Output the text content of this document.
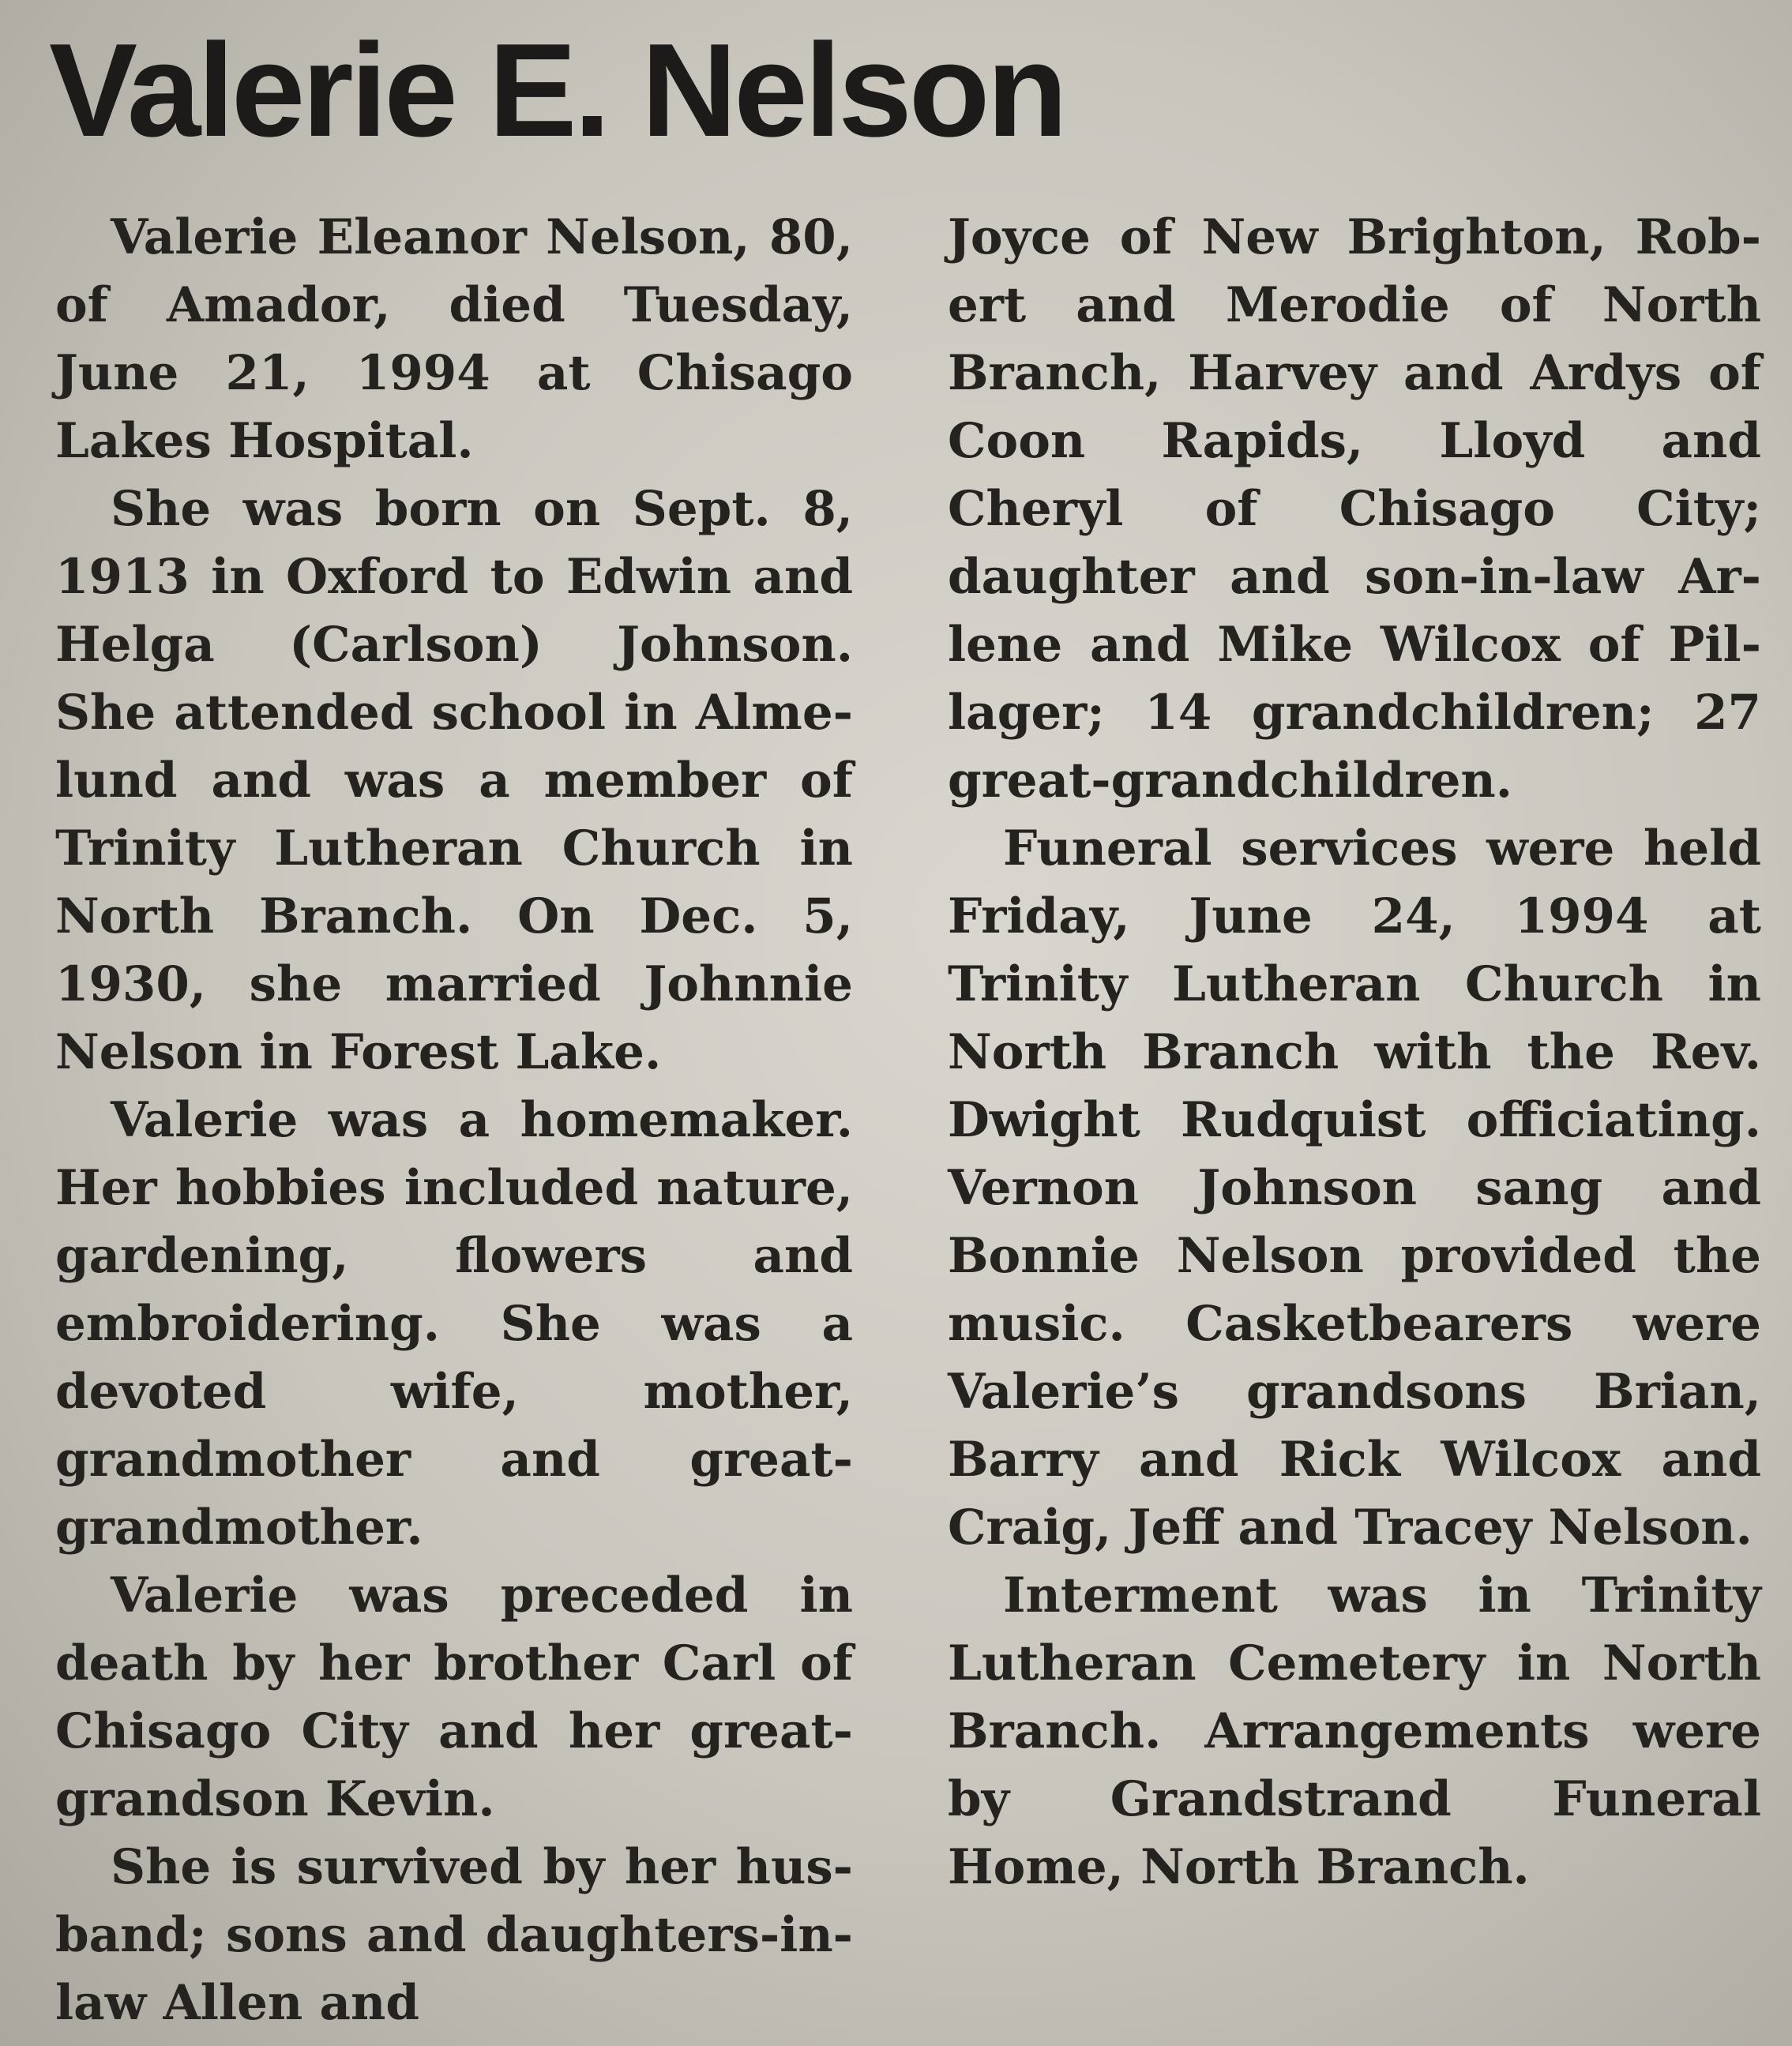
Valerie E. Nelson

Valerie Eleanor Nelson, 80, of Amador, died Tuesday, June 21, 1994 at Chisago Lakes Hospital.

She was born on Sept. 8, 1913 in Oxford to Edwin and Helga (Carlson) Johnson. She attended school in Almelund and was a member of Trinity Lutheran Church in North Branch. On Dec. 5, 1930, she married Johnnie Nelson in Forest Lake.

Valerie was a homemaker. Her hobbies included nature, gardening, flowers and embroidering. She was a devoted wife, mother, grandmother and great-grandmother.

Valerie was preceded in death by her brother Carl of Chisago City and her great-grandson Kevin.

She is survived by her husband; sons and daughters-in-law Allen and

Joyce of New Brighton, Robert and Merodie of North Branch, Harvey and Ardys of Coon Rapids, Lloyd and Cheryl of Chisago City; daughter and son-in-law Arlene and Mike Wilcox of Pillager; 14 grandchildren; 27 great-grandchildren.

Funeral services were held Friday, June 24, 1994 at Trinity Lutheran Church in North Branch with the Rev. Dwight Rudquist officiating. Vernon Johnson sang and Bonnie Nelson provided the music. Casketbearers were Valerie’s grandsons Brian, Barry and Rick Wilcox and Craig, Jeff and Tracey Nelson.

Interment was in Trinity Lutheran Cemetery in North Branch. Arrangements were by Grandstrand Funeral Home, North Branch.
